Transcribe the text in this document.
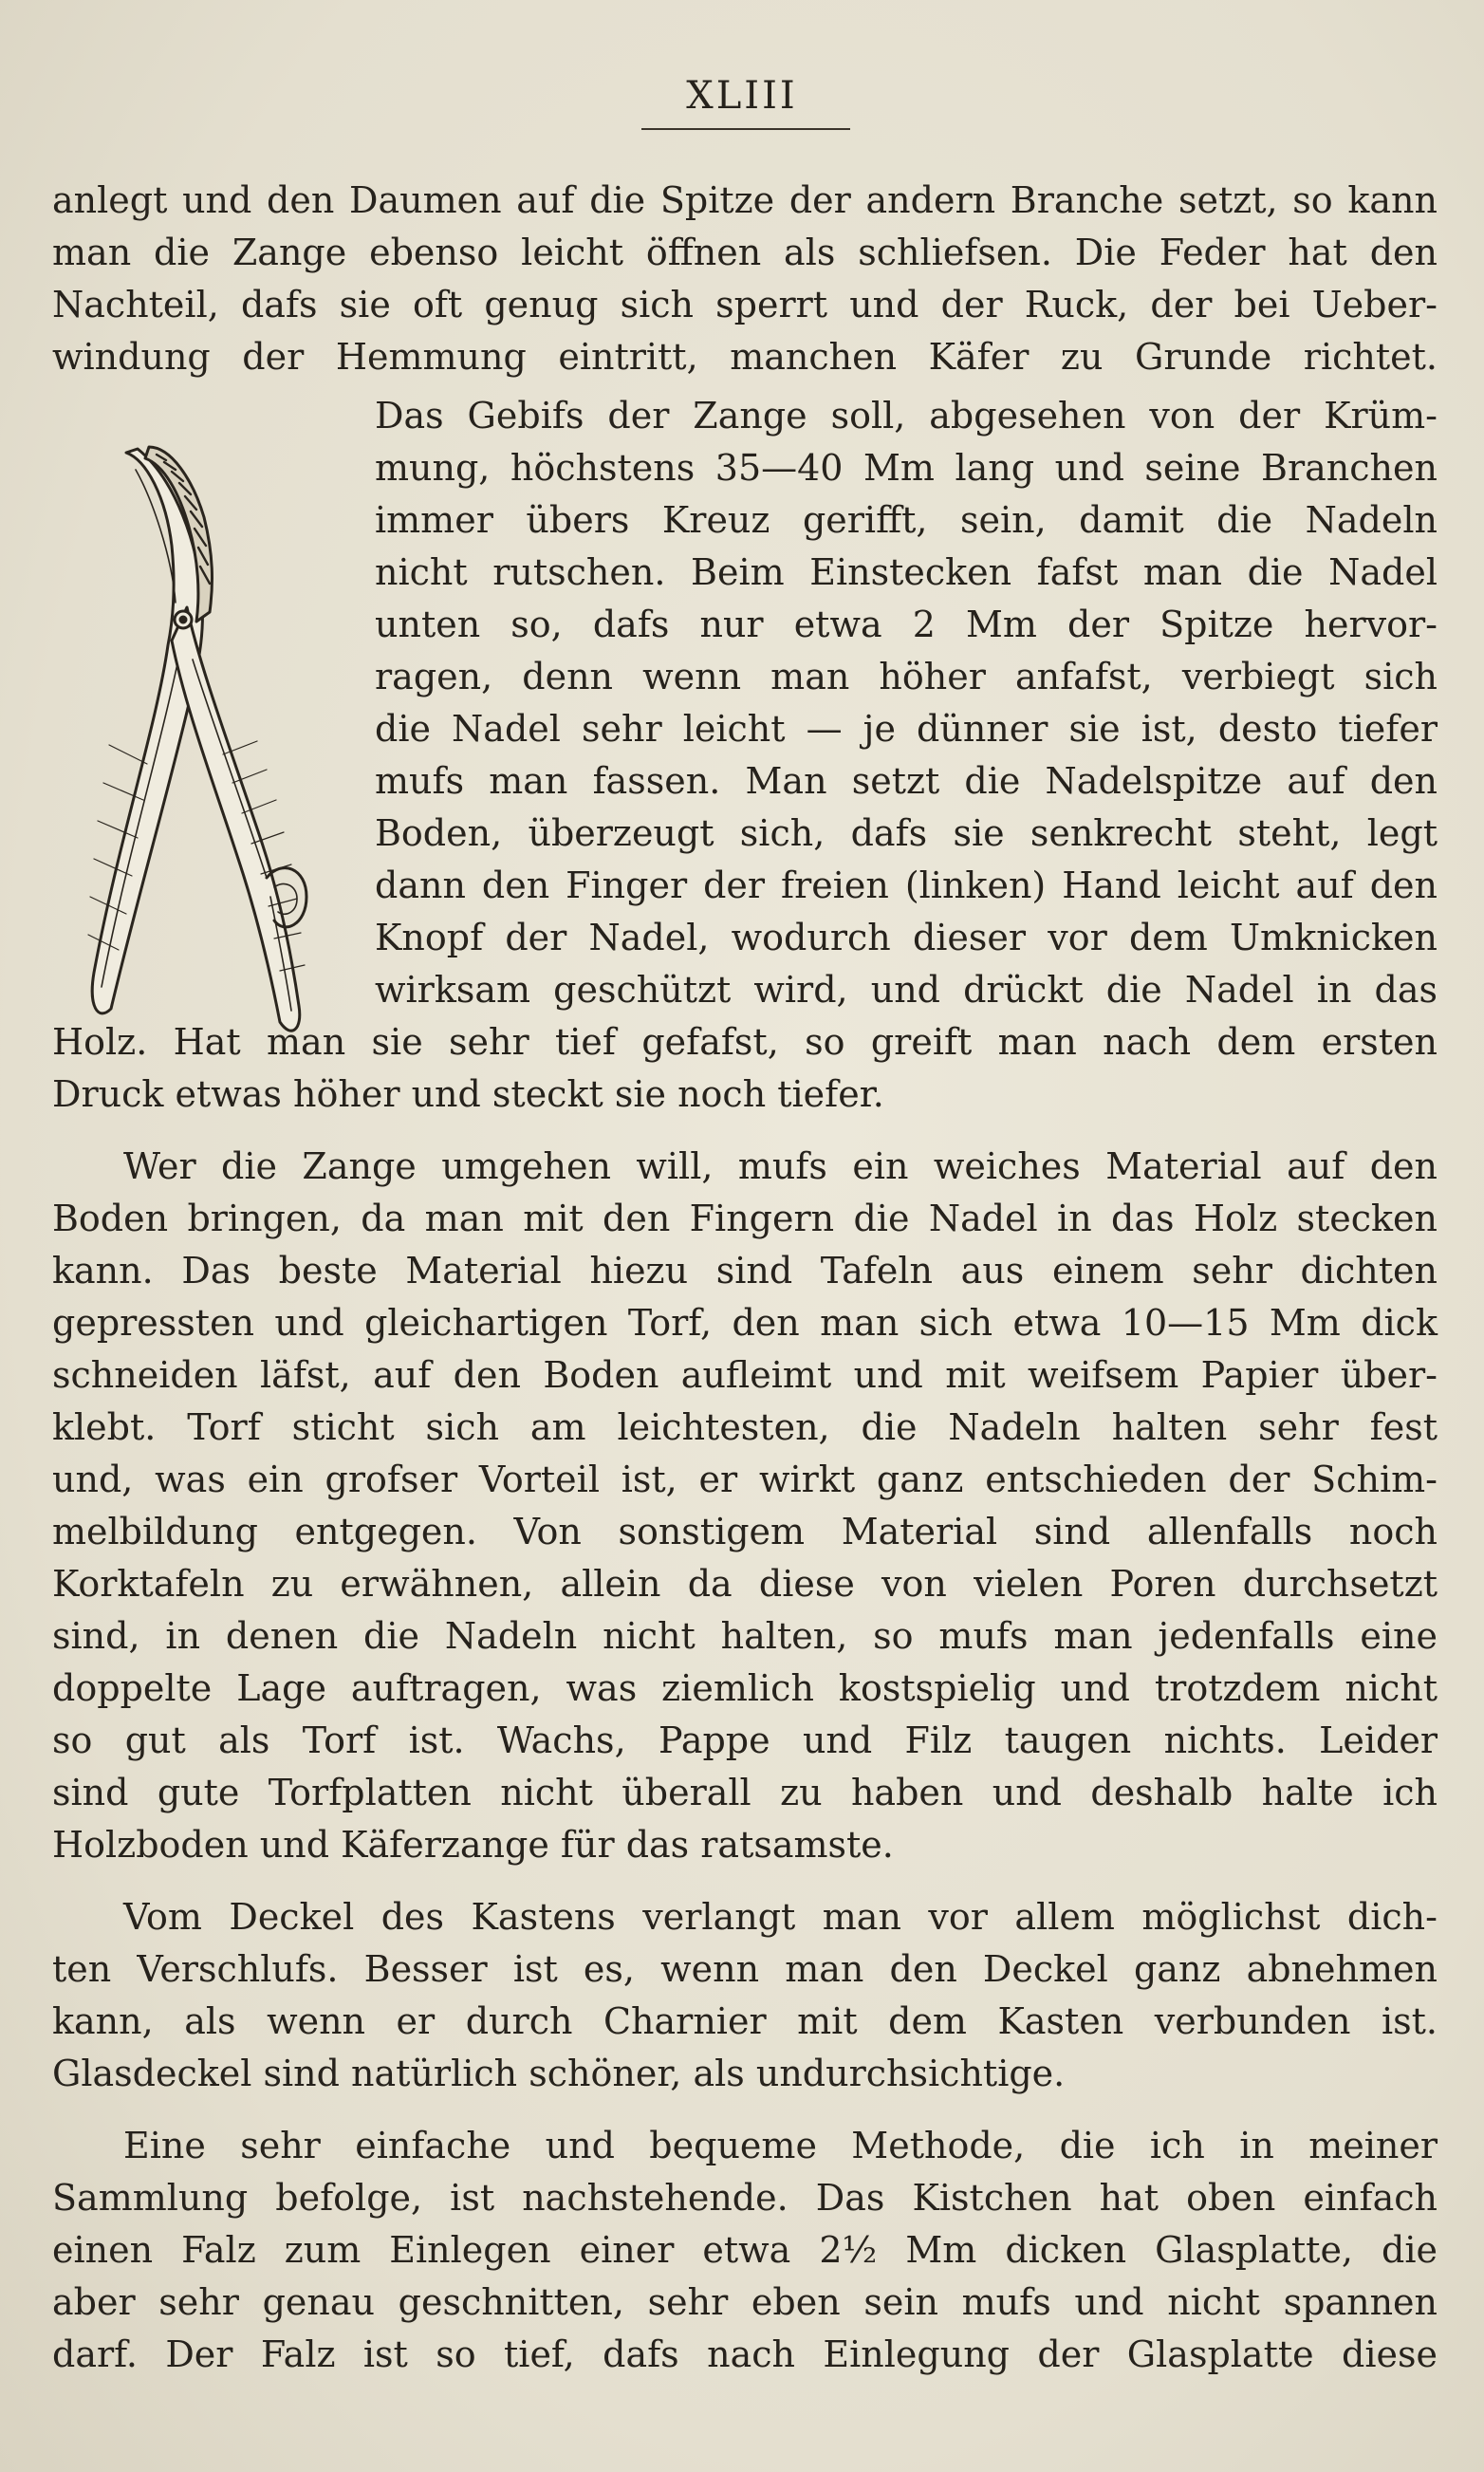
XLIII
anlegt und den Daumen auf die Spitze der andern Branche setzt, so kann
man die Zange ebenso leicht öffnen als schliefsen. Die Feder hat den
Nachteil, dafs sie oft genug sich sperrt und der Ruck, der bei Ueber-
windung der Hemmung eintritt, manchen Käfer zu Grunde richtet.
Das Gebifs der Zange soll, abgesehen von der Krüm-
mung, höchstens 35—40 Mm lang und seine Branchen
immer übers Kreuz gerifft, sein, damit die Nadeln
nicht rutschen. Beim Einstecken fafst man die Nadel
unten so, dafs nur etwa 2 Mm der Spitze hervor-
ragen, denn wenn man höher anfafst, verbiegt sich
die Nadel sehr leicht — je dünner sie ist, desto tiefer
mufs man fassen. Man setzt die Nadelspitze auf den
Boden, überzeugt sich, dafs sie senkrecht steht, legt
dann den Finger der freien (linken) Hand leicht auf den
Knopf der Nadel, wodurch dieser vor dem Umknicken
wirksam geschützt wird, und drückt die Nadel in das
Holz. Hat man sie sehr tief gefafst, so greift man nach dem ersten
Druck etwas höher und steckt sie noch tiefer.
Wer die Zange umgehen will, mufs ein weiches Material auf den
Boden bringen, da man mit den Fingern die Nadel in das Holz stecken
kann. Das beste Material hiezu sind Tafeln aus einem sehr dichten
gepressten und gleichartigen Torf, den man sich etwa 10—15 Mm dick
schneiden läfst, auf den Boden aufleimt und mit weifsem Papier über-
klebt. Torf sticht sich am leichtesten, die Nadeln halten sehr fest
und, was ein grofser Vorteil ist, er wirkt ganz entschieden der Schim-
melbildung entgegen. Von sonstigem Material sind allenfalls noch
Korktafeln zu erwähnen, allein da diese von vielen Poren durchsetzt
sind, in denen die Nadeln nicht halten, so mufs man jedenfalls eine
doppelte Lage auftragen, was ziemlich kostspielig und trotzdem nicht
so gut als Torf ist. Wachs, Pappe und Filz taugen nichts. Leider
sind gute Torfplatten nicht überall zu haben und deshalb halte ich
Holzboden und Käferzange für das ratsamste.
Vom Deckel des Kastens verlangt man vor allem möglichst dich-
ten Verschlufs. Besser ist es, wenn man den Deckel ganz abnehmen
kann, als wenn er durch Charnier mit dem Kasten verbunden ist.
Glasdeckel sind natürlich schöner, als undurchsichtige.
Eine sehr einfache und bequeme Methode, die ich in meiner
Sammlung befolge, ist nachstehende. Das Kistchen hat oben einfach
einen Falz zum Einlegen einer etwa 2½ Mm dicken Glasplatte, die
aber sehr genau geschnitten, sehr eben sein mufs und nicht spannen
darf. Der Falz ist so tief, dafs nach Einlegung der Glasplatte diese
